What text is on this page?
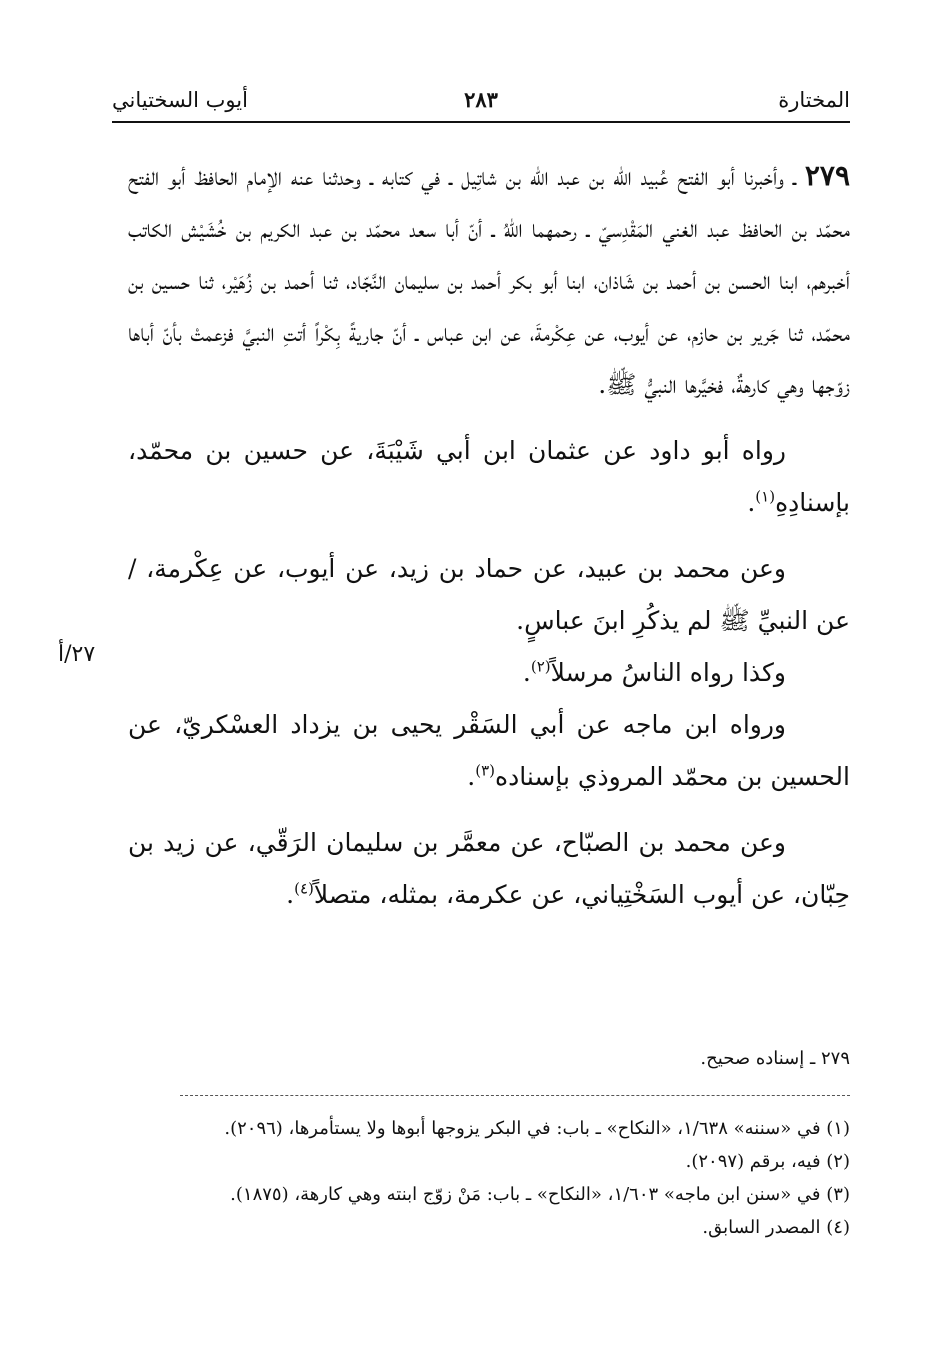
المختارة
٢٨٣
أيوب السختياني
٢٧/أ

٢٧٩ ـ وأخبرنا أبو الفتح عُبيد الله بن عبد الله بن شاتِيل ـ في كتابه ـ وحدثنا عنه الإمام الحافظ أبو الفتح محمّد بن الحافظ عبد الغني المَقْدِسيّ ـ رحمهما اللهُ ـ أنّ أبا سعد محمّد بن عبد الكريم بن خُشَيْش الكاتب أخبرهم، ابنا الحسن بن أحمد بن شَاذان، ابنا أبو بكر أحمد بن سليمان النَّجّاد، ثنا أحمد بن زُهَيْر، ثنا حسين بن محمّد، ثنا جَرير بن حازم، عن أيوب، عن عِكْرمةَ، عن ابن عباس ـ أنّ جاريةً بِكْراً أتتِ النبيَّ فزعمتْ بأنّ أباها زوّجها وهي كارهةٌ، فخيَّرها النبيُّ ﷺ.

رواه أبو داود عن عثمان ابن أبي شَيْبَةَ، عن حسين بن محمّد، بإسنادِهِ$^{(١)}$.

وعن محمد بن عبيد، عن حماد بن زيد، عن أيوب، عن عِكْرمة، / عن النبيِّ ﷺ لم يذكُرِ ابنَ عباسٍ.

وكذا رواه الناسُ مرسلاً$^{(٢)}$.

ورواه ابن ماجه عن أبي السَقْر يحيى بن يزداد العسْكريّ، عن الحسين بن محمّد المروذي بإسناده$^{(٣)}$.

وعن محمد بن الصبّاح، عن معمَّر بن سليمان الرَقّي، عن زيد بن حِبّان، عن أيوب السَخْتِياني، عن عكرمة، بمثله، متصلاً$^{(٤)}$.

٢٧٩ ـ إسناده صحيح.

(١) في «سننه» ١/٦٣٨، «النكاح» ـ باب: في البكر يزوجها أبوها ولا يستأمرها، (٢٠٩٦).
(٢) فيه، برقم (٢٠٩٧).
(٣) في «سنن ابن ماجه» ١/٦٠٣، «النكاح» ـ باب: مَنْ زوّج ابنته وهي كارهة، (١٨٧٥).
(٤) المصدر السابق.
